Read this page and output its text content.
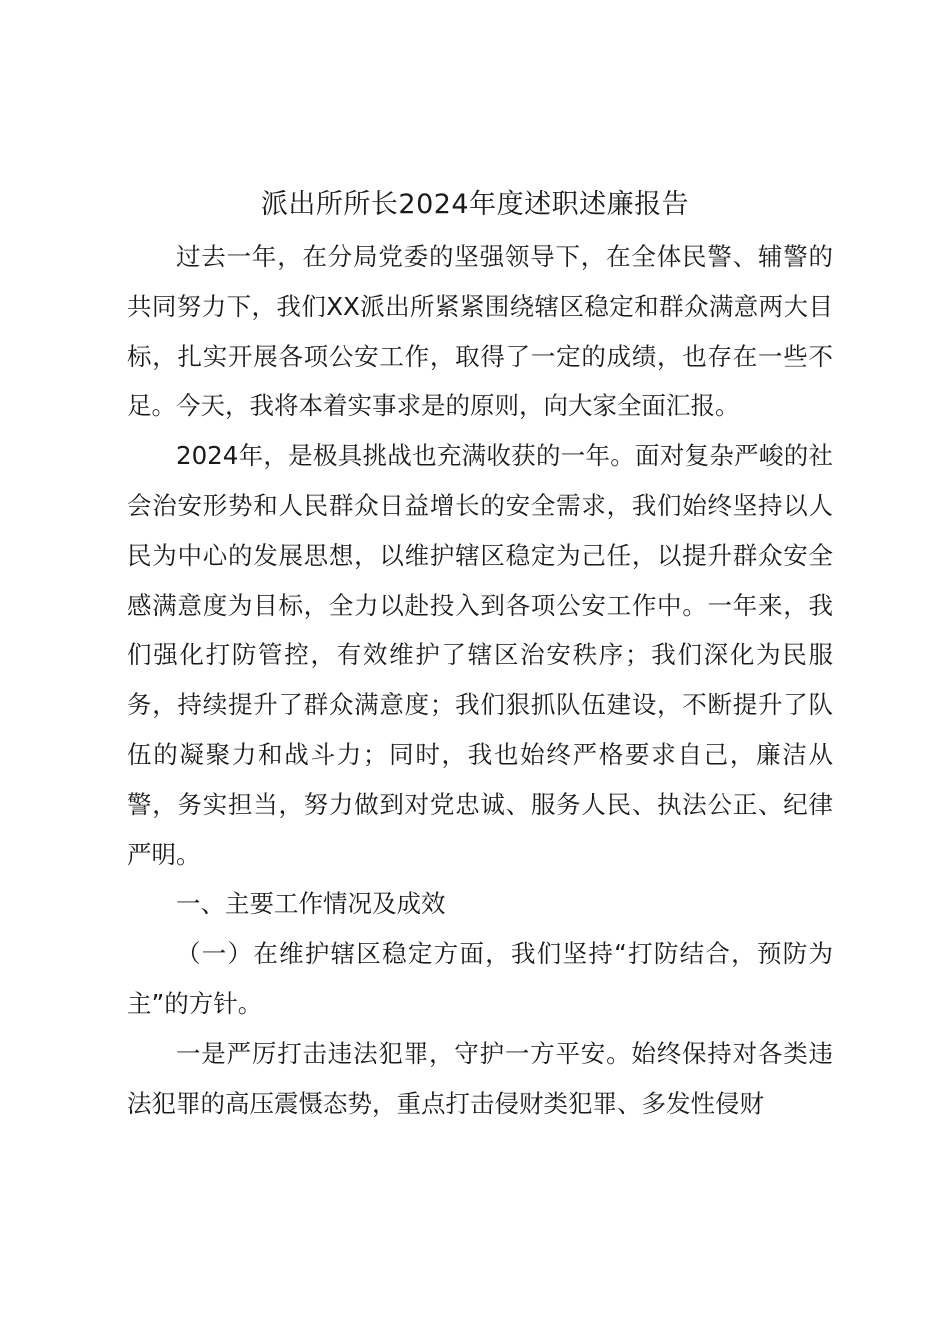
派出所所长2024年度述职述廉报告

过去一年，在分局党委的坚强领导下，在全体民警、辅警的共同努力下，我们XX派出所紧紧围绕辖区稳定和群众满意两大目标，扎实开展各项公安工作，取得了一定的成绩，也存在一些不足。今天，我将本着实事求是的原则，向大家全面汇报。

2024年，是极具挑战也充满收获的一年。面对复杂严峻的社会治安形势和人民群众日益增长的安全需求，我们始终坚持以人民为中心的发展思想，以维护辖区稳定为己任，以提升群众安全感满意度为目标，全力以赴投入到各项公安工作中。一年来，我们强化打防管控，有效维护了辖区治安秩序；我们深化为民服务，持续提升了群众满意度；我们狠抓队伍建设，不断提升了队伍的凝聚力和战斗力；同时，我也始终严格要求自己，廉洁从警，务实担当，努力做到对党忠诚、服务人民、执法公正、纪律严明。

一、主要工作情况及成效

（一）在维护辖区稳定方面，我们坚持“打防结合，预防为主”的方针。

一是严厉打击违法犯罪，守护一方平安。始终保持对各类违法犯罪的高压震慑态势，重点打击侵财类犯罪、多发性侵财
